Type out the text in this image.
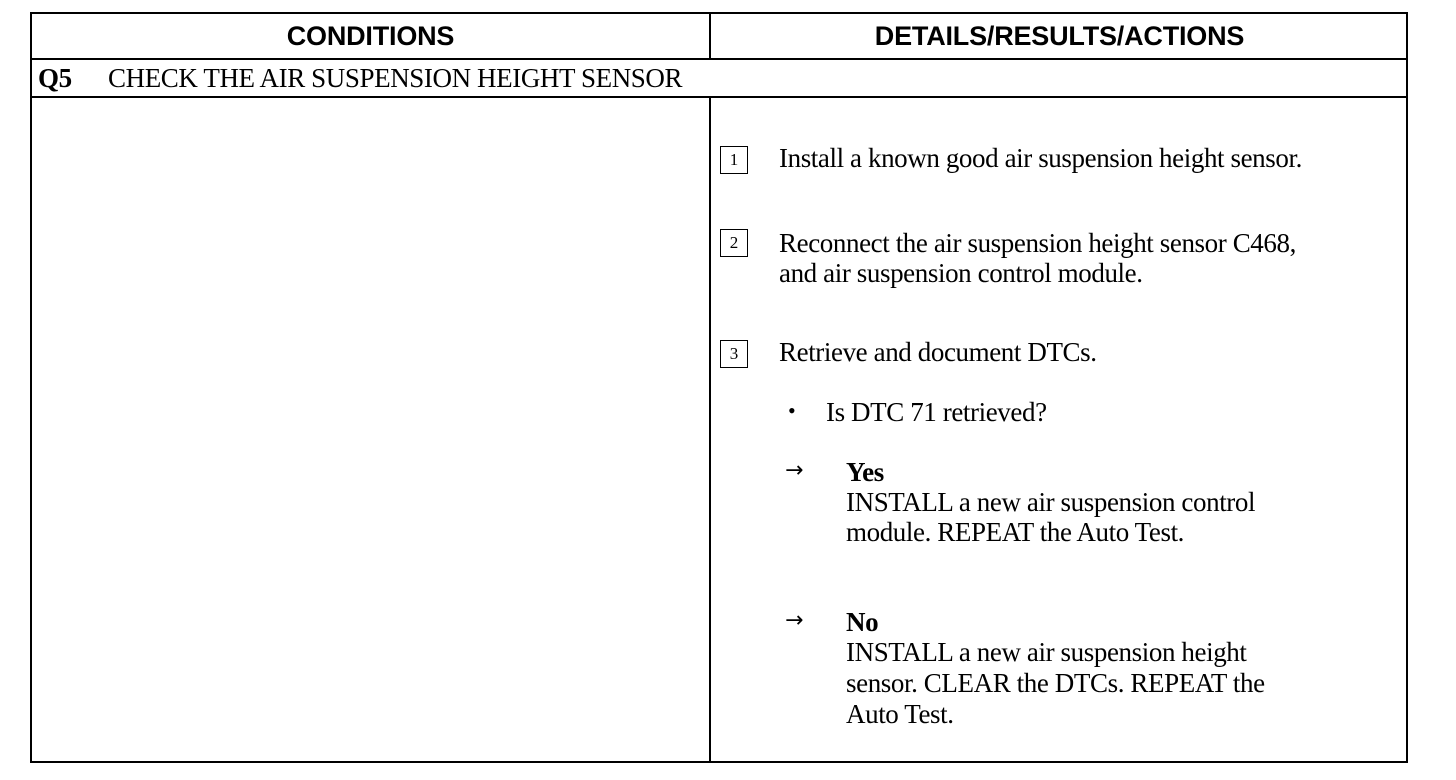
CONDITIONS	DETAILS/RESULTS/ACTIONS
Q5 CHECK THE AIR SUSPENSION HEIGHT SENSOR
1	Install a known good air suspension height sensor.
2	Reconnect the air suspension height sensor C468,
and air suspension control module.
3	Retrieve and document DTCs.
• Is DTC 71 retrieved?
→ Yes
INSTALL a new air suspension control
module. REPEAT the Auto Test.
→ No
INSTALL a new air suspension height
sensor. CLEAR the DTCs. REPEAT the
Auto Test.
